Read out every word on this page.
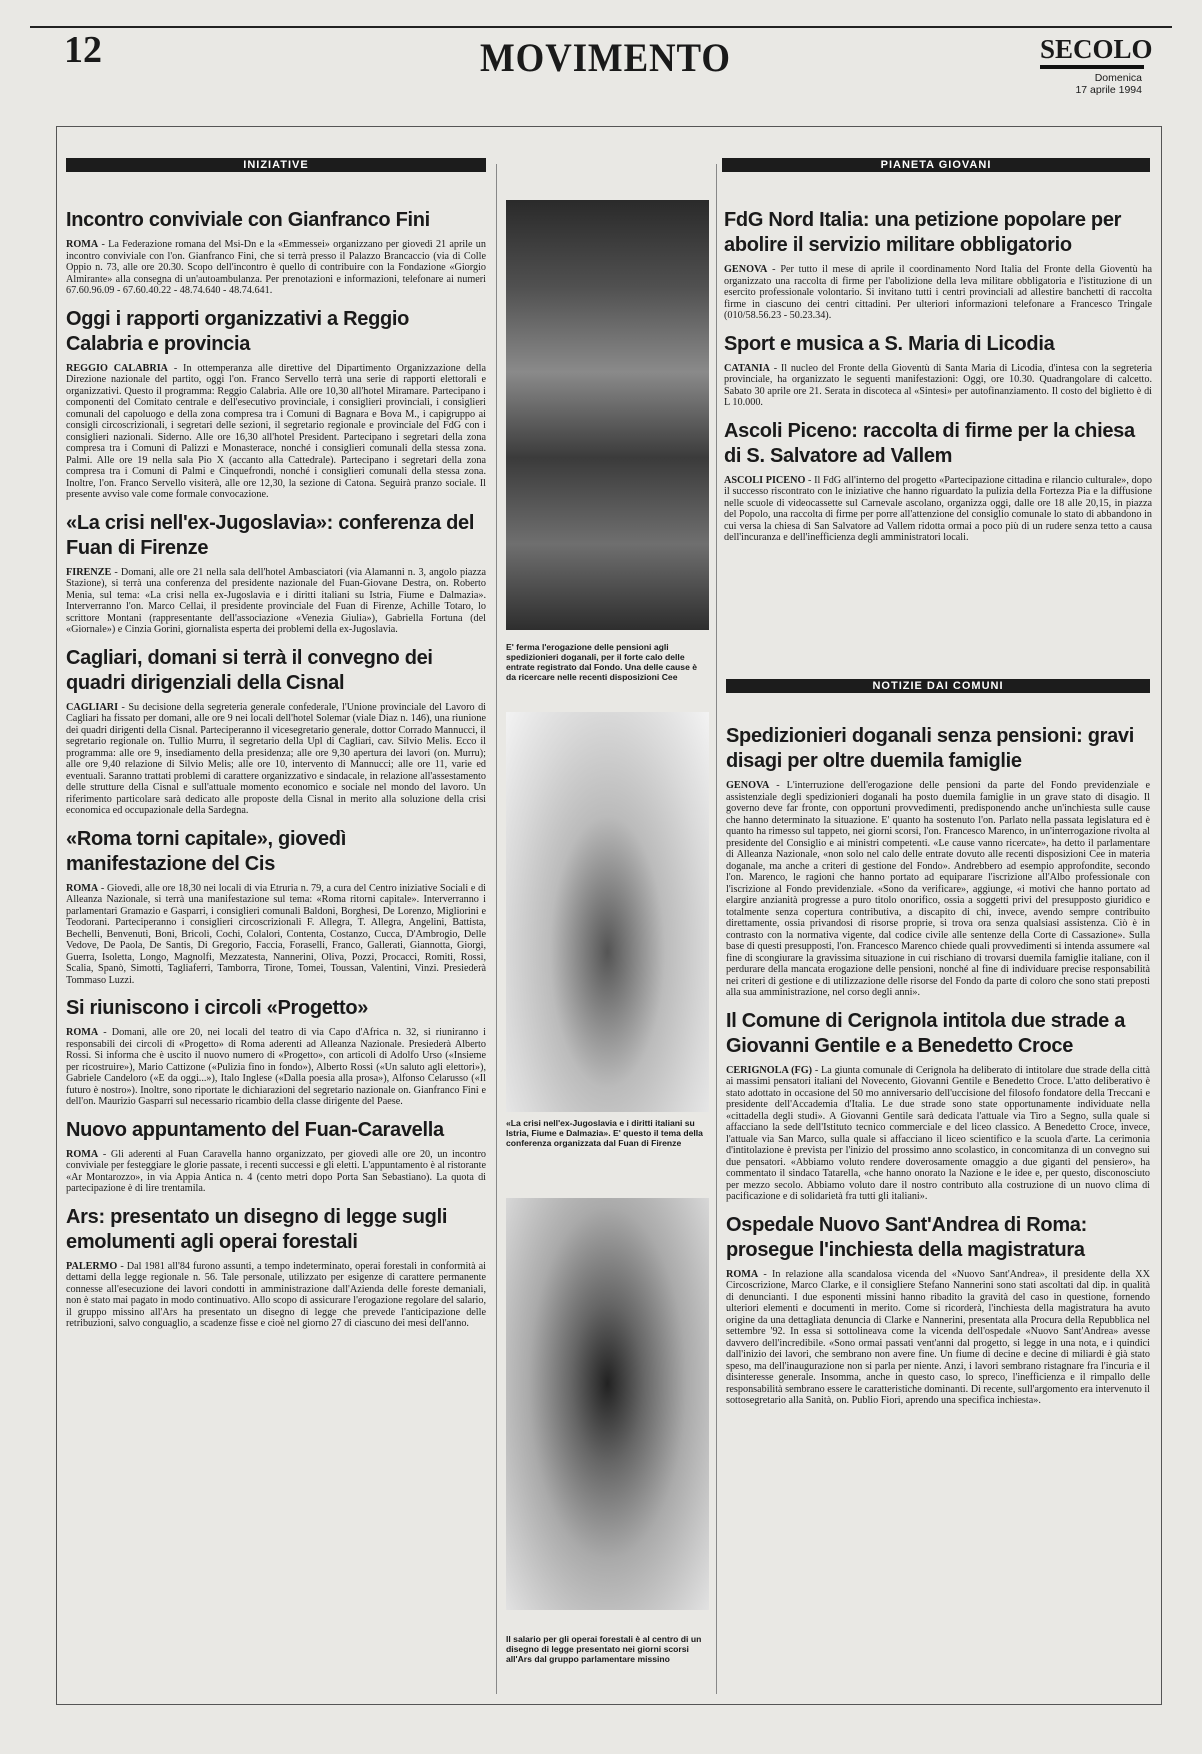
12	MOVIMENTO	SECOLO
Domenica
17 aprile 1994
INIZIATIVE	PIANETA GIOVANI
NOTIZIE DAI COMUNI
Incontro conviviale con Gianfranco Fini

ROMA - La Federazione romana del Msi-Dn e la «Emmessei» organizzano per giovedì 21 aprile un incontro conviviale con l'on. Gianfranco Fini, che si terrà presso il Palazzo Brancaccio (via di Colle Oppio n. 73, alle ore 20.30. Scopo dell'incontro è quello di contribuire con la Fondazione «Giorgio Almirante» alla consegna di un'autoambulanza. Per prenotazioni e informazioni, telefonare ai numeri 67.60.96.09 - 67.60.40.22 - 48.74.640 - 48.74.641.

Oggi i rapporti organizzativi a Reggio Calabria e provincia

REGGIO CALABRIA - In ottemperanza alle direttive del Dipartimento Organizzazione della Direzione nazionale del partito, oggi l'on. Franco Servello terrà una serie di rapporti elettorali e organizzativi. Questo il programma: Reggio Calabria. Alle ore 10,30 all'hotel Miramare. Partecipano i componenti del Comitato centrale e dell'esecutivo provinciale, i consiglieri provinciali, i consiglieri comunali del capoluogo e della zona compresa tra i Comuni di Bagnara e Bova M., i capigruppo ai consigli circoscrizionali, i segretari delle sezioni, il segretario regionale e provinciale del FdG con i consiglieri nazionali. Siderno. Alle ore 16,30 all'hotel President. Partecipano i segretari della zona compresa tra i Comuni di Palizzi e Monasterace, nonché i consiglieri comunali della stessa zona. Palmi. Alle ore 19 nella sala Pio X (accanto alla Cattedrale). Partecipano i segretari della zona compresa tra i Comuni di Palmi e Cinquefrondi, nonché i consiglieri comunali della stessa zona. Inoltre, l'on. Franco Servello visiterà, alle ore 12,30, la sezione di Catona. Seguirà pranzo sociale. Il presente avviso vale come formale convocazione.

«La crisi nell'ex-Jugoslavia»: conferenza del Fuan di Firenze

FIRENZE - Domani, alle ore 21 nella sala dell'hotel Ambasciatori (via Alamanni n. 3, angolo piazza Stazione), si terrà una conferenza del presidente nazionale del Fuan-Giovane Destra, on. Roberto Menia, sul tema: «La crisi nella ex-Jugoslavia e i diritti italiani su Istria, Fiume e Dalmazia». Interverranno l'on. Marco Cellai, il presidente provinciale del Fuan di Firenze, Achille Totaro, lo scrittore Montani (rappresentante dell'associazione «Venezia Giulia»), Gabriella Fortuna (del «Giornale») e Cinzia Gorini, giornalista esperta dei problemi della ex-Jugoslavia.

Cagliari, domani si terrà il convegno dei quadri dirigenziali della Cisnal

CAGLIARI - Su decisione della segreteria generale confederale, l'Unione provinciale del Lavoro di Cagliari ha fissato per domani, alle ore 9 nei locali dell'hotel Solemar (viale Diaz n. 146), una riunione dei quadri dirigenti della Cisnal. Parteciperanno il vicesegretario generale, dottor Corrado Mannucci, il segretario regionale on. Tullio Murru, il segretario della Upl di Cagliari, cav. Silvio Melis. Ecco il programma: alle ore 9, insediamento della presidenza; alle ore 9,30 apertura dei lavori (on. Murru); alle ore 9,40 relazione di Silvio Melis; alle ore 10, intervento di Mannucci; alle ore 11, varie ed eventuali. Saranno trattati problemi di carattere organizzativo e sindacale, in relazione all'assestamento delle strutture della Cisnal e sull'attuale momento economico e sociale nel mondo del lavoro. Un riferimento particolare sarà dedicato alle proposte della Cisnal in merito alla soluzione della crisi economica ed occupazionale della Sardegna.

«Roma torni capitale», giovedì manifestazione del Cis

ROMA - Giovedì, alle ore 18,30 nei locali di via Etruria n. 79, a cura del Centro iniziative Sociali e di Alleanza Nazionale, si terrà una manifestazione sul tema: «Roma ritorni capitale». Interverranno i parlamentari Gramazio e Gasparri, i consiglieri comunali Baldoni, Borghesi, De Lorenzo, Migliorini e Teodorani. Parteciperanno i consiglieri circoscrizionali F. Allegra, T. Allegra, Angelini, Battista, Bechelli, Benvenuti, Boni, Bricoli, Cochi, Colalori, Contenta, Costanzo, Cucca, D'Ambrogio, Delle Vedove, De Paola, De Santis, Di Gregorio, Faccia, Foraselli, Franco, Gallerati, Giannotta, Giorgi, Guerra, Isoletta, Longo, Magnolfi, Mezzatesta, Nannerini, Oliva, Pozzi, Procacci, Romiti, Rossi, Scalia, Spanò, Simotti, Tagliaferri, Tamborra, Tirone, Tomei, Toussan, Valentini, Vinzi. Presiederà Tommaso Luzzi.

Si riuniscono i circoli «Progetto»

ROMA - Domani, alle ore 20, nei locali del teatro di via Capo d'Africa n. 32, si riuniranno i responsabili dei circoli di «Progetto» di Roma aderenti ad Alleanza Nazionale. Presiederà Alberto Rossi. Si informa che è uscito il nuovo numero di «Progetto», con articoli di Adolfo Urso («Insieme per ricostruire»), Mario Cattizone («Pulizia fino in fondo»), Alberto Rossi («Un saluto agli elettori»), Gabriele Candeloro («E da oggi...»), Italo Inglese («Dalla poesia alla prosa»), Alfonso Celarusso («Il futuro è nostro»). Inoltre, sono riportate le dichiarazioni del segretario nazionale on. Gianfranco Fini e dell'on. Maurizio Gasparri sul necessario ricambio della classe dirigente del Paese.

Nuovo appuntamento del Fuan-Caravella

ROMA - Gli aderenti al Fuan Caravella hanno organizzato, per giovedì alle ore 20, un incontro conviviale per festeggiare le glorie passate, i recenti successi e gli eletti. L'appuntamento è al ristorante «Ar Montarozzo», in via Appia Antica n. 4 (cento metri dopo Porta San Sebastiano). La quota di partecipazione è di lire trentamila.

Ars: presentato un disegno di legge sugli emolumenti agli operai forestali

PALERMO - Dal 1981 all'84 furono assunti, a tempo indeterminato, operai forestali in conformità ai dettami della legge regionale n. 56. Tale personale, utilizzato per esigenze di carattere permanente connesse all'esecuzione dei lavori condotti in amministrazione dall'Azienda delle foreste demaniali, non è stato mai pagato in modo continuativo. Allo scopo di assicurare l'erogazione regolare del salario, il gruppo missino all'Ars ha presentato un disegno di legge che prevede l'anticipazione delle retribuzioni, salvo conguaglio, a scadenze fisse e cioè nel giorno 27 di ciascuno dei mesi dell'anno.

E' ferma l'erogazione delle pensioni agli spedizionieri doganali, per il forte calo delle entrate registrato dal Fondo. Una delle cause è da ricercare nelle recenti disposizioni Cee
«La crisi nell'ex-Jugoslavia e i diritti italiani su Istria, Fiume e Dalmazia». E' questo il tema della conferenza organizzata dal Fuan di Firenze
Il salario per gli operai forestali è al centro di un disegno di legge presentato nei giorni scorsi all'Ars dal gruppo parlamentare missino
FdG Nord Italia: una petizione popolare per abolire il servizio militare obbligatorio

GENOVA - Per tutto il mese di aprile il coordinamento Nord Italia del Fronte della Gioventù ha organizzato una raccolta di firme per l'abolizione della leva militare obbligatoria e l'istituzione di un esercito professionale volontario. Si invitano tutti i centri provinciali ad allestire banchetti di raccolta firme in ciascuno dei centri cittadini. Per ulteriori informazioni telefonare a Francesco Tringale (010/58.56.23 - 50.23.34).

Sport e musica a S. Maria di Licodia

CATANIA - Il nucleo del Fronte della Gioventù di Santa Maria di Licodia, d'intesa con la segreteria provinciale, ha organizzato le seguenti manifestazioni: Oggi, ore 10.30. Quadrangolare di calcetto. Sabato 30 aprile ore 21. Serata in discoteca al «Sintesi» per autofinanziamento. Il costo del biglietto è di L 10.000.

Ascoli Piceno: raccolta di firme per la chiesa di S. Salvatore ad Vallem

ASCOLI PICENO - Il FdG all'interno del progetto «Partecipazione cittadina e rilancio culturale», dopo il successo riscontrato con le iniziative che hanno riguardato la pulizia della Fortezza Pia e la diffusione nelle scuole di videocassette sul Carnevale ascolano, organizza oggi, dalle ore 18 alle 20,15, in piazza del Popolo, una raccolta di firme per porre all'attenzione del consiglio comunale lo stato di abbandono in cui versa la chiesa di San Salvatore ad Vallem ridotta ormai a poco più di un rudere senza tetto a causa dell'incuranza e dell'inefficienza degli amministratori locali.

Spedizionieri doganali senza pensioni: gravi disagi per oltre duemila famiglie

GENOVA - L'interruzione dell'erogazione delle pensioni da parte del Fondo previdenziale e assistenziale degli spedizionieri doganali ha posto duemila famiglie in un grave stato di disagio. Il governo deve far fronte, con opportuni provvedimenti, predisponendo anche un'inchiesta sulle cause che hanno determinato la situazione. E' quanto ha sostenuto l'on. Parlato nella passata legislatura ed è quanto ha rimesso sul tappeto, nei giorni scorsi, l'on. Francesco Marenco, in un'interrogazione rivolta al presidente del Consiglio e ai ministri competenti. «Le cause vanno ricercate», ha detto il parlamentare di Alleanza Nazionale, «non solo nel calo delle entrate dovuto alle recenti disposizioni Cee in materia doganale, ma anche a criteri di gestione del Fondo». Andrebbero ad esempio approfondite, secondo l'on. Marenco, le ragioni che hanno portato ad equiparare l'iscrizione all'Albo professionale con l'iscrizione al Fondo previdenziale. «Sono da verificare», aggiunge, «i motivi che hanno portato ad elargire anzianità progresse a puro titolo onorifico, ossia a soggetti privi del presupposto giuridico e totalmente senza copertura contributiva, a discapito di chi, invece, avendo sempre contribuito direttamente, ossia privandosi di risorse proprie, si trova ora senza qualsiasi assistenza. Ciò è in contrasto con la normativa vigente, dal codice civile alle sentenze della Corte di Cassazione». Sulla base di questi presupposti, l'on. Francesco Marenco chiede quali provvedimenti si intenda assumere «al fine di scongiurare la gravissima situazione in cui rischiano di trovarsi duemila famiglie italiane, con il perdurare della mancata erogazione delle pensioni, nonché al fine di individuare precise responsabilità nei criteri di gestione e di utilizzazione delle risorse del Fondo da parte di coloro che sono stati preposti alla sua amministrazione, nel corso degli anni».

Il Comune di Cerignola intitola due strade a Giovanni Gentile e a Benedetto Croce

CERIGNOLA (FG) - La giunta comunale di Cerignola ha deliberato di intitolare due strade della città ai massimi pensatori italiani del Novecento, Giovanni Gentile e Benedetto Croce. L'atto deliberativo è stato adottato in occasione del 50 mo anniversario dell'uccisione del filosofo fondatore della Treccani e presidente dell'Accademia d'Italia. Le due strade sono state opportunamente individuate nella «cittadella degli studi». A Giovanni Gentile sarà dedicata l'attuale via Tiro a Segno, sulla quale si affacciano la sede dell'Istituto tecnico commerciale e del liceo classico. A Benedetto Croce, invece, l'attuale via San Marco, sulla quale si affacciano il liceo scientifico e la scuola d'arte. La cerimonia d'intitolazione è prevista per l'inizio del prossimo anno scolastico, in concomitanza di un convegno sui due pensatori. «Abbiamo voluto rendere doverosamente omaggio a due giganti del pensiero», ha commentato il sindaco Tatarella, «che hanno onorato la Nazione e le idee e, per questo, disconosciuto per mezzo secolo. Abbiamo voluto dare il nostro contributo alla costruzione di un nuovo clima di pacificazione e di solidarietà fra tutti gli italiani».

Ospedale Nuovo Sant'Andrea di Roma: prosegue l'inchiesta della magistratura

ROMA - In relazione alla scandalosa vicenda del «Nuovo Sant'Andrea», il presidente della XX Circoscrizione, Marco Clarke, e il consigliere Stefano Nannerini sono stati ascoltati dal dip. in qualità di denuncianti. I due esponenti missini hanno ribadito la gravità del caso in questione, fornendo ulteriori elementi e documenti in merito. Come si ricorderà, l'inchiesta della magistratura ha avuto origine da una dettagliata denuncia di Clarke e Nannerini, presentata alla Procura della Repubblica nel settembre '92. In essa si sottolineava come la vicenda dell'ospedale «Nuovo Sant'Andrea» avesse davvero dell'incredibile. «Sono ormai passati vent'anni dal progetto, si legge in una nota, e i quindici dall'inizio dei lavori, che sembrano non avere fine. Un fiume di decine e decine di miliardi è già stato speso, ma dell'inaugurazione non si parla per niente. Anzi, i lavori sembrano ristagnare fra l'incuria e il disinteresse generale. Insomma, anche in questo caso, lo spreco, l'inefficienza e il rimpallo delle responsabilità sembrano essere le caratteristiche dominanti. Di recente, sull'argomento era intervenuto il sottosegretario alla Sanità, on. Publio Fiori, aprendo una specifica inchiesta».
